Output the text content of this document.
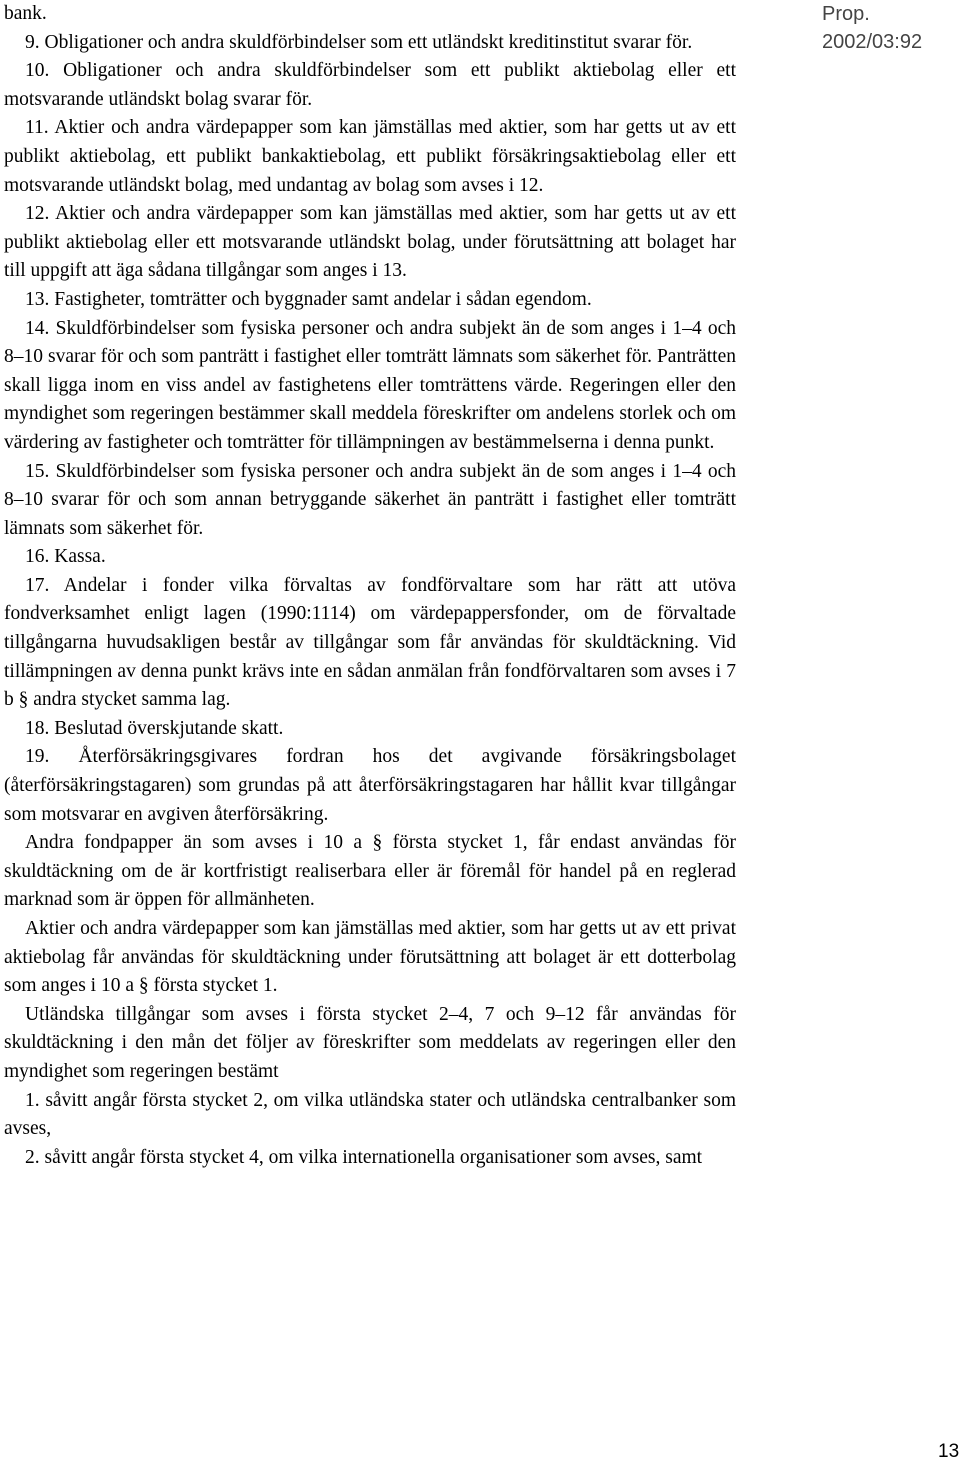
Prop. 2002/03:92

bank.

9. Obligationer och andra skuldförbindelser som ett utländskt kreditinstitut svarar för.

10. Obligationer och andra skuldförbindelser som ett publikt aktiebolag eller ett motsvarande utländskt bolag svarar för.

11. Aktier och andra värdepapper som kan jämställas med aktier, som har getts ut av ett publikt aktiebolag, ett publikt bankaktiebolag, ett publikt försäkringsaktiebolag eller ett motsvarande utländskt bolag, med undantag av bolag som avses i 12.

12. Aktier och andra värdepapper som kan jämställas med aktier, som har getts ut av ett publikt aktiebolag eller ett motsvarande utländskt bolag, under förutsättning att bolaget har till uppgift att äga sådana tillgångar som anges i 13.

13. Fastigheter, tomträtter och byggnader samt andelar i sådan egendom.

14. Skuldförbindelser som fysiska personer och andra subjekt än de som anges i 1–4 och 8–10 svarar för och som panträtt i fastighet eller tomträtt lämnats som säkerhet för. Panträtten skall ligga inom en viss andel av fastighetens eller tomträttens värde. Regeringen eller den myndighet som regeringen bestämmer skall meddela föreskrifter om andelens storlek och om värdering av fastigheter och tomträtter för tillämpningen av bestämmelserna i denna punkt.

15. Skuldförbindelser som fysiska personer och andra subjekt än de som anges i 1–4 och 8–10 svarar för och som annan betryggande säkerhet än panträtt i fastighet eller tomträtt lämnats som säkerhet för.

16. Kassa.

17. Andelar i fonder vilka förvaltas av fondförvaltare som har rätt att utöva fondverksamhet enligt lagen (1990:1114) om värdepappersfonder, om de förvaltade tillgångarna huvudsakligen består av tillgångar som får användas för skuldtäckning. Vid tillämpningen av denna punkt krävs inte en sådan anmälan från fondförvaltaren som avses i 7 b § andra stycket samma lag.

18. Beslutad överskjutande skatt.

19. Återförsäkringsgivares fordran hos det avgivande försäkringsbolaget (återförsäkringstagaren) som grundas på att återförsäkringstagaren har hållit kvar tillgångar som motsvarar en avgiven återförsäkring.

Andra fondpapper än som avses i 10 a § första stycket 1, får endast användas för skuldtäckning om de är kortfristigt realiserbara eller är föremål för handel på en reglerad marknad som är öppen för allmänheten.

Aktier och andra värdepapper som kan jämställas med aktier, som har getts ut av ett privat aktiebolag får användas för skuldtäckning under förutsättning att bolaget är ett dotterbolag som anges i 10 a § första stycket 1.

Utländska tillgångar som avses i första stycket 2–4, 7 och 9–12 får användas för skuldtäckning i den mån det följer av föreskrifter som meddelats av regeringen eller den myndighet som regeringen bestämt

1. såvitt angår första stycket 2, om vilka utländska stater och utländska centralbanker som avses,

2. såvitt angår första stycket 4, om vilka internationella organisationer som avses, samt

13
